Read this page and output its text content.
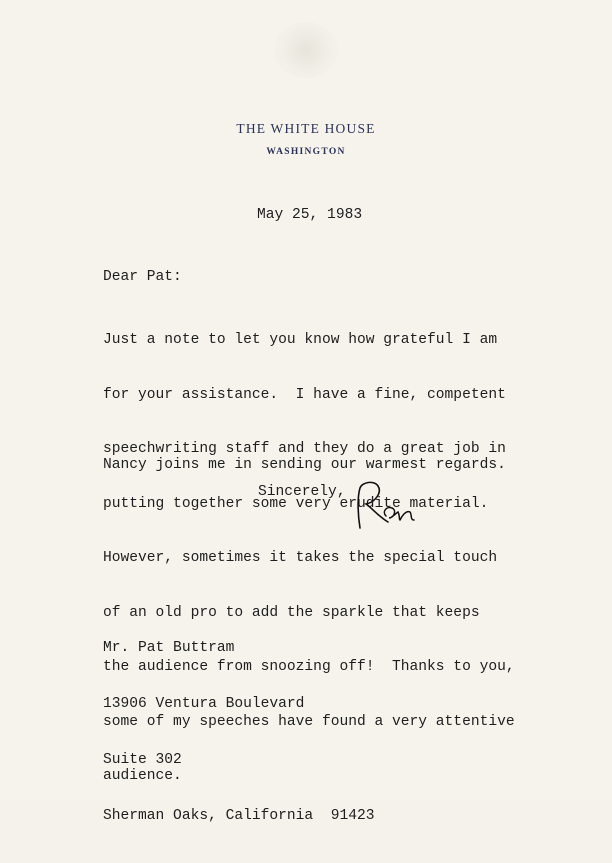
THE WHITE HOUSE
WASHINGTON
May 25, 1983
Dear Pat:

Just a note to let you know how grateful I am

for your assistance.  I have a fine, competent

speechwriting staff and they do a great job in

putting together some very erudite material.

However, sometimes it takes the special touch

of an old pro to add the sparkle that keeps

the audience from snoozing off!  Thanks to you,

some of my speeches have found a very attentive

audience.

Nancy joins me in sending our warmest regards.
Sincerely,

Mr. Pat Buttram

13906 Ventura Boulevard

Suite 302

Sherman Oaks, California  91423
